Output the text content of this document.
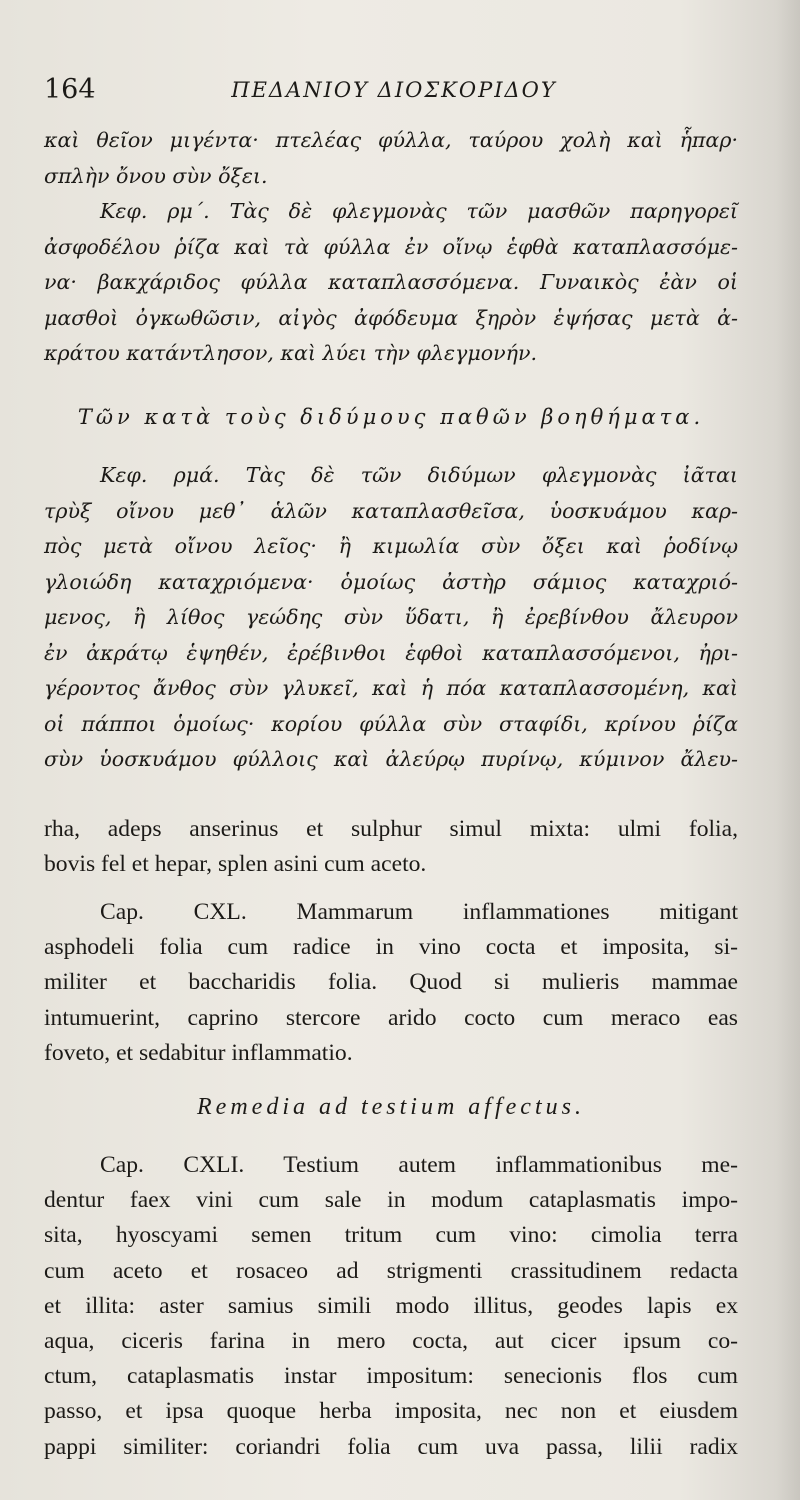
164	ΠΕΔΑΝΙΟΥ ΔΙΟΣΚΟΡΙΔΟΥ

καὶ θεῖον μιγέντα· πτελέας φύλλα, ταύρου χολὴ καὶ ἧπαρ·

σπλὴν ὄνου σὺν ὄξει.

Κεφ. ρμ΄. Τὰς δὲ φλεγμονὰς τῶν μασθῶν παρηγορεῖ

ἀσφοδέλου ῥίζα καὶ τὰ φύλλα ἐν οἴνῳ ἑφθὰ καταπλασσόμε-

να· βακχάριδος φύλλα καταπλασσόμενα. Γυναικὸς ἐὰν οἱ

μασθοὶ ὀγκωθῶσιν, αἰγὸς ἀφόδευμα ξηρὸν ἑψήσας μετὰ ἀ-

κράτου κατάντλησον, καὶ λύει τὴν φλεγμονήν.

Τῶν κατὰ τοὺς διδύμους παθῶν βοηθήματα.

Κεφ. ρμά. Τὰς δὲ τῶν διδύμων φλεγμονὰς ἰᾶται

τρὺξ οἴνου μεθ᾽ ἁλῶν καταπλασθεῖσα, ὑοσκυάμου καρ-

πὸς μετὰ οἴνου λεῖος· ἢ κιμωλία σὺν ὄξει καὶ ῥοδίνῳ

γλοιώδη καταχριόμενα· ὁμοίως ἀστὴρ σάμιος καταχριό-

μενος, ἢ λίθος γεώδης σὺν ὕδατι, ἢ ἐρεβίνθου ἄλευρον

ἐν ἀκράτῳ ἑψηθέν, ἐρέβινθοι ἑφθοὶ καταπλασσόμενοι, ἠρι-

γέροντος ἄνθος σὺν γλυκεῖ, καὶ ἡ πόα καταπλασσομένη, καὶ

οἱ πάπποι ὁμοίως· κορίου φύλλα σὺν σταφίδι, κρίνου ῥίζα

σὺν ὑοσκυάμου φύλλοις καὶ ἀλεύρῳ πυρίνῳ, κύμινον ἄλευ-

rha, adeps anserinus et sulphur simul mixta: ulmi folia,

bovis fel et hepar, splen asini cum aceto.

Cap. CXL. Mammarum inflammationes mitigant

asphodeli folia cum radice in vino cocta et imposita, si-

militer et baccharidis folia. Quod si mulieris mammae

intumuerint, caprino stercore arido cocto cum meraco eas

foveto, et sedabitur inflammatio.

Remedia ad testium affectus.

Cap. CXLI. Testium autem inflammationibus me-

dentur faex vini cum sale in modum cataplasmatis impo-

sita, hyoscyami semen tritum cum vino: cimolia terra

cum aceto et rosaceo ad strigmenti crassitudinem redacta

et illita: aster samius simili modo illitus, geodes lapis ex

aqua, ciceris farina in mero cocta, aut cicer ipsum co-

ctum, cataplasmatis instar impositum: senecionis flos cum

passo, et ipsa quoque herba imposita, nec non et eiusdem

pappi similiter: coriandri folia cum uva passa, lilii radix
